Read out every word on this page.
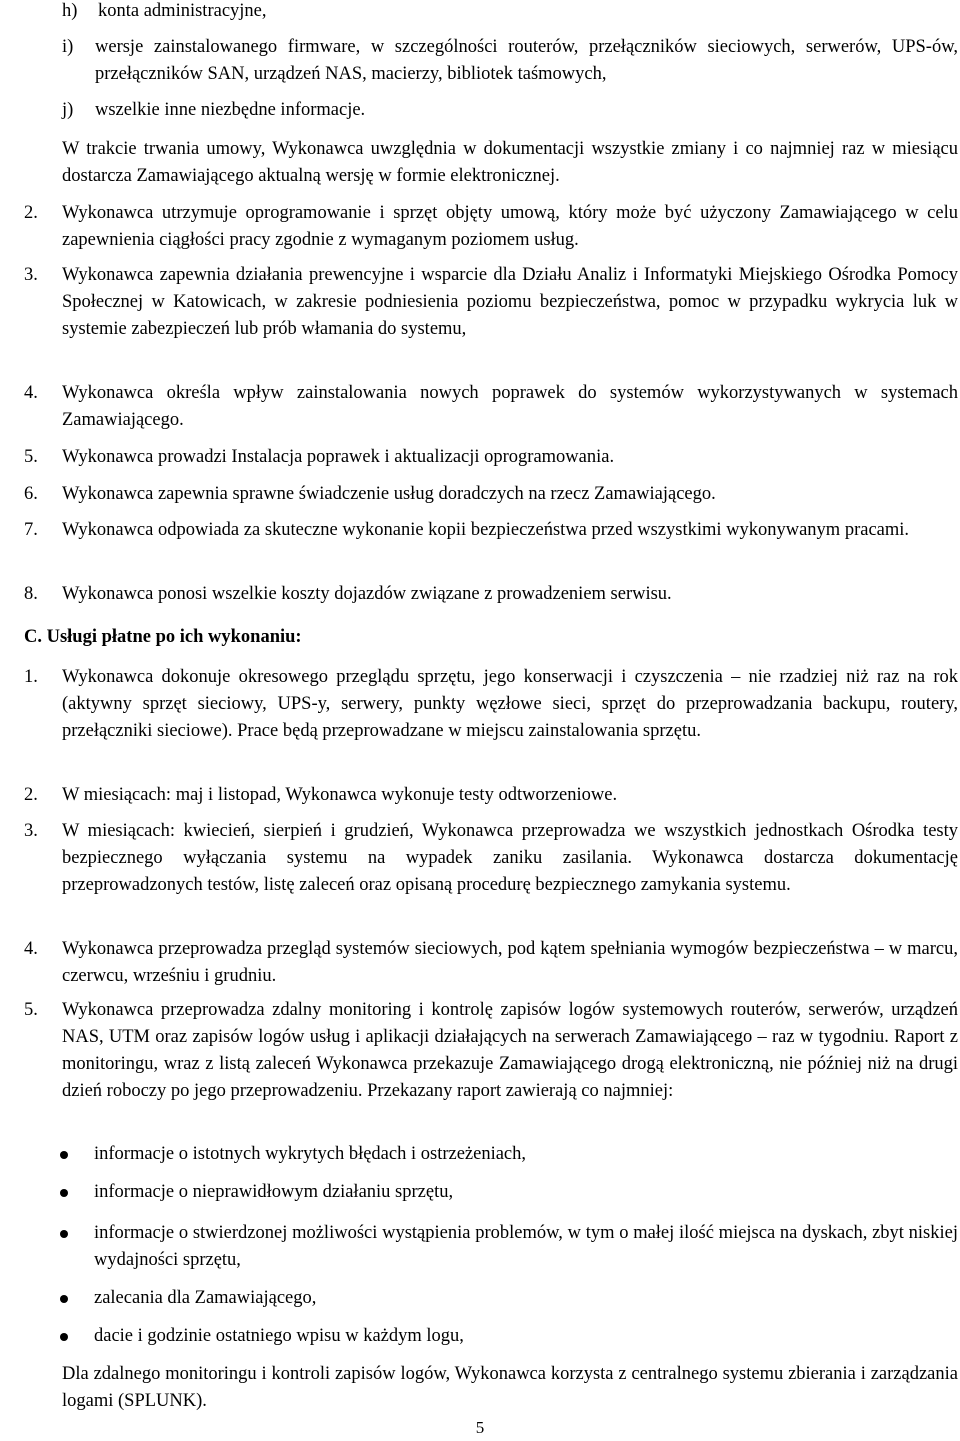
h) konta administracyjne,
i) wersje zainstalowanego firmware, w szczególności routerów, przełączników sieciowych, serwerów, UPS-ów, przełączników SAN, urządzeń NAS, macierzy, bibliotek taśmowych,
j) wszelkie inne niezbędne informacje.

W trakcie trwania umowy, Wykonawca uwzględnia w dokumentacji wszystkie zmiany i co najmniej raz w miesiącu dostarcza Zamawiającego aktualną wersję w formie elektronicznej.

2. Wykonawca utrzymuje oprogramowanie i sprzęt objęty umową, który może być użyczony Zamawiającego w celu zapewnienia ciągłości pracy zgodnie z wymaganym poziomem usług.
3. Wykonawca zapewnia działania prewencyjne i wsparcie dla Działu Analiz i Informatyki Miejskiego Ośrodka Pomocy Społecznej w Katowicach, w zakresie podniesienia poziomu bezpieczeństwa, pomoc w przypadku wykrycia luk w systemie zabezpieczeń lub prób włamania do systemu,
4. Wykonawca określa wpływ zainstalowania nowych poprawek do systemów wykorzystywanych w systemach Zamawiającego.
5. Wykonawca prowadzi Instalacja poprawek i aktualizacji oprogramowania.
6. Wykonawca zapewnia sprawne świadczenie usług doradczych na rzecz Zamawiającego.
7. Wykonawca odpowiada za skuteczne wykonanie kopii bezpieczeństwa przed wszystkimi wykonywanym pracami.
8. Wykonawca ponosi wszelkie koszty dojazdów związane z prowadzeniem serwisu.
C. Usługi płatne po ich wykonaniu:
1. Wykonawca dokonuje okresowego przeglądu sprzętu, jego konserwacji i czyszczenia – nie rzadziej niż raz na rok (aktywny sprzęt sieciowy, UPS-y, serwery, punkty węzłowe sieci, sprzęt do przeprowadzania backupu, routery, przełączniki sieciowe). Prace będą przeprowadzane w miejscu zainstalowania sprzętu.
2. W miesiącach: maj i listopad, Wykonawca wykonuje testy odtworzeniowe.
3. W miesiącach: kwiecień, sierpień i grudzień, Wykonawca przeprowadza we wszystkich jednostkach Ośrodka testy bezpiecznego wyłączania systemu na wypadek zaniku zasilania. Wykonawca dostarcza dokumentację przeprowadzonych testów, listę zaleceń oraz opisaną procedurę bezpiecznego zamykania systemu.
4. Wykonawca przeprowadza przegląd systemów sieciowych, pod kątem spełniania wymogów bezpieczeństwa – w marcu, czerwcu, wrześniu i grudniu.
5. Wykonawca przeprowadza zdalny monitoring i kontrolę zapisów logów systemowych routerów, serwerów, urządzeń NAS, UTM oraz zapisów logów usług i aplikacji działających na serwerach Zamawiającego – raz w tygodniu. Raport z monitoringu, wraz z listą zaleceń Wykonawca przekazuje Zamawiającego drogą elektroniczną, nie później niż na drugi dzień roboczy po jego przeprowadzeniu. Przekazany raport zawierają co najmniej:
informacje o istotnych wykrytych błędach i ostrzeżeniach,
informacje o nieprawidłowym działaniu sprzętu,
informacje o stwierdzonej możliwości wystąpienia problemów, w tym o małej ilość miejsca na dyskach, zbyt niskiej wydajności sprzętu,
zalecania dla Zamawiającego,
dacie i godzinie ostatniego wpisu w każdym logu,

Dla zdalnego monitoringu i kontroli zapisów logów, Wykonawca korzysta z centralnego systemu zbierania i zarządzania logami (SPLUNK).

5
